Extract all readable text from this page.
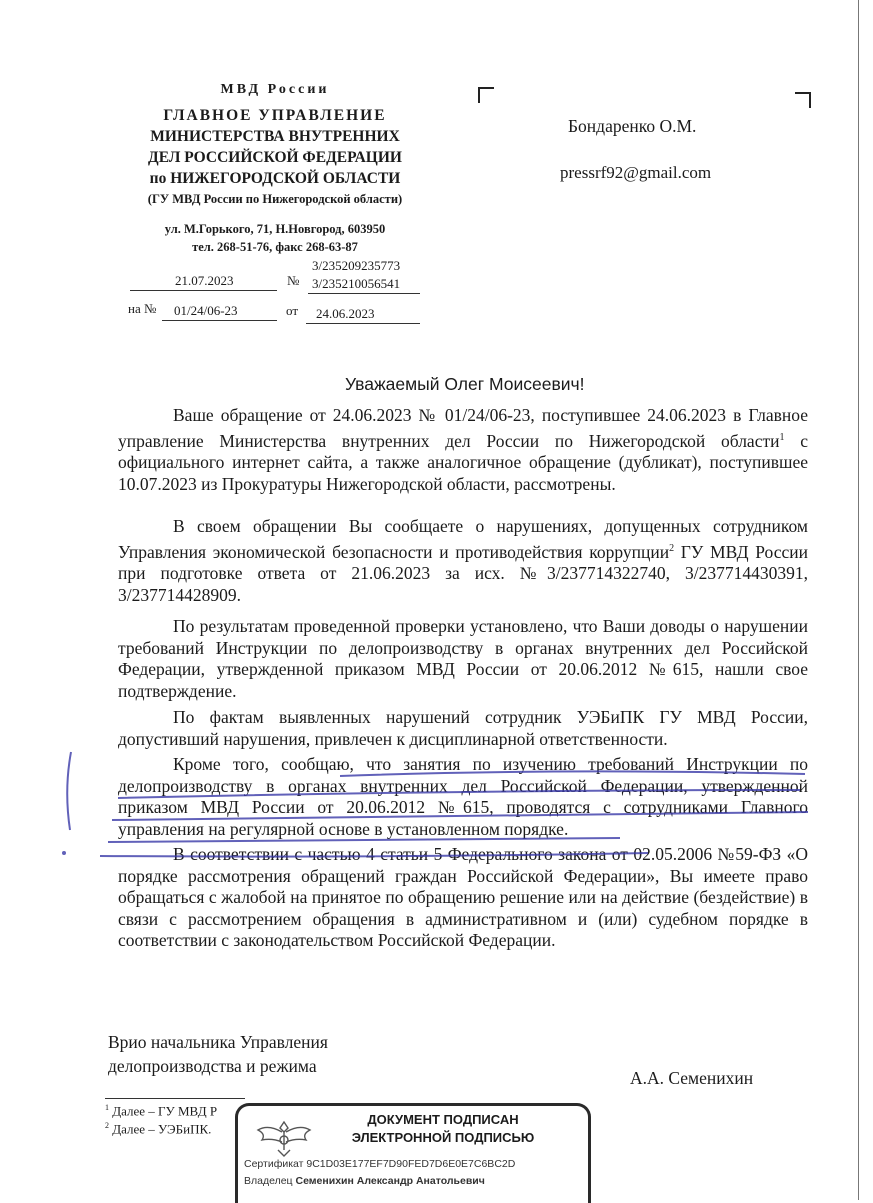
МВД России
ГЛАВНОЕ УПРАВЛЕНИЕ
МИНИСТЕРСТВА ВНУТРЕННИХ
ДЕЛ РОССИЙСКОЙ ФЕДЕРАЦИИ
по НИЖЕГОРОДСКОЙ ОБЛАСТИ
(ГУ МВД России по Нижегородской области)
ул. М.Горького, 71, Н.Новгород, 603950
тел. 268-51-76, факс 268-63-87
21.07.2023	№
3/235209235773
3/235210056541
на № 01/24/06-23	от 24.06.2023
Бондаренко О.М.
pressrf92@gmail.com
Уважаемый Олег Моисеевич!
Ваше обращение от 24.06.2023 № 01/24/06-23, поступившее 24.06.2023 в Главное управление Министерства внутренних дел России по Нижегородской области$^1$ с официального интернет сайта, а также аналогичное обращение (дубликат), поступившее 10.07.2023 из Прокуратуры Нижегородской области, рассмотрены.
В своем обращении Вы сообщаете о нарушениях, допущенных сотрудником Управления экономической безопасности и противодействия коррупции$^2$ ГУ МВД России при подготовке ответа от 21.06.2023 за исх. №3/237714322740, 3/237714430391, 3/237714428909.
По результатам проведенной проверки установлено, что Ваши доводы о нарушении требований Инструкции по делопроизводству в органах внутренних дел Российской Федерации, утвержденной приказом МВД России от 20.06.2012 №615, нашли свое подтверждение.
По фактам выявленных нарушений сотрудник УЭБиПК ГУ МВД России, допустивший нарушения, привлечен к дисциплинарной ответственности.
Кроме того, сообщаю, что занятия по изучению требований Инструкции по делопроизводству в органах внутренних дел Российской Федерации, утвержденной приказом МВД России от 20.06.2012 №615, проводятся с сотрудниками Главного управления на регулярной основе в установленном порядке.
В соответствии с частью 4 статьи 5 Федерального закона от 02.05.2006 №59-ФЗ «О порядке рассмотрения обращений граждан Российской Федерации», Вы имеете право обращаться с жалобой на принятое по обращению решение или на действие (бездействие) в связи с рассмотрением обращения в административном и (или) судебном порядке в соответствии с законодательством Российской Федерации.
Врио начальника Управления
делопроизводства и режима
А.А. Семенихин
$^1$ Далее – ГУ МВД Р
$^2$ Далее – УЭБиПК.
ДОКУМЕНТ ПОДПИСАН
ЭЛЕКТРОННОЙ ПОДПИСЬЮ
Сертификат 9C1D03E177EF7D90FED7D6E0E7C6BC2D
Владелец Семенихин Александр Анатольевич
